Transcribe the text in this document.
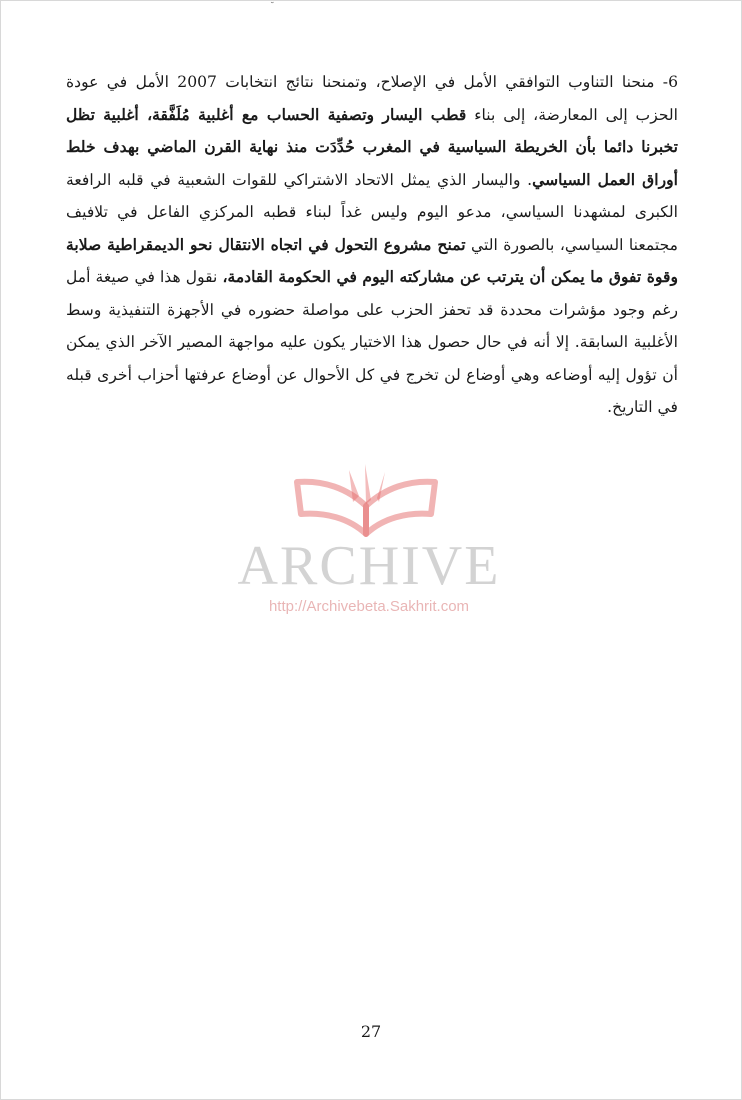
˘

6- منحنا التناوب التوافقي الأمل في الإصلاح، وتمنحنا نتائج انتخابات 2007 الأمل في عودة الحزب إلى المعارضة، إلى بناء قطب اليسار وتصفية الحساب مع أغلبية مُلَفَّقة، أغلبية تظل تخبرنا دائما بأن الخريطة السياسية في المغرب حُدِّدَت منذ نهاية القرن الماضي بهدف خلط أوراق العمل السياسي. واليسار الذي يمثل الاتحاد الاشتراكي للقوات الشعبية في قلبه الرافعة الكبرى لمشهدنا السياسي، مدعو اليوم وليس غداً لبناء قطبه المركزي الفاعل في تلافيف مجتمعنا السياسي، بالصورة التي تمنح مشروع التحول في اتجاه الانتقال نحو الديمقراطية صلابة وقوة تفوق ما يمكن أن يترتب عن مشاركته اليوم في الحكومة القادمة، نقول هذا في صيغة أمل رغم وجود مؤشرات محددة قد تحفز الحزب على مواصلة حضوره في الأجهزة التنفيذية وسط الأغلبية السابقة. إلا أنه في حال حصول هذا الاختيار يكون عليه مواجهة المصير الآخر الذي يمكن أن تؤول إليه أوضاعه وهي أوضاع لن تخرج في كل الأحوال عن أوضاع عرفتها أحزاب أخرى قبله في التاريخ.

ARCHIVE
http://Archivebeta.Sakhrit.com
27
